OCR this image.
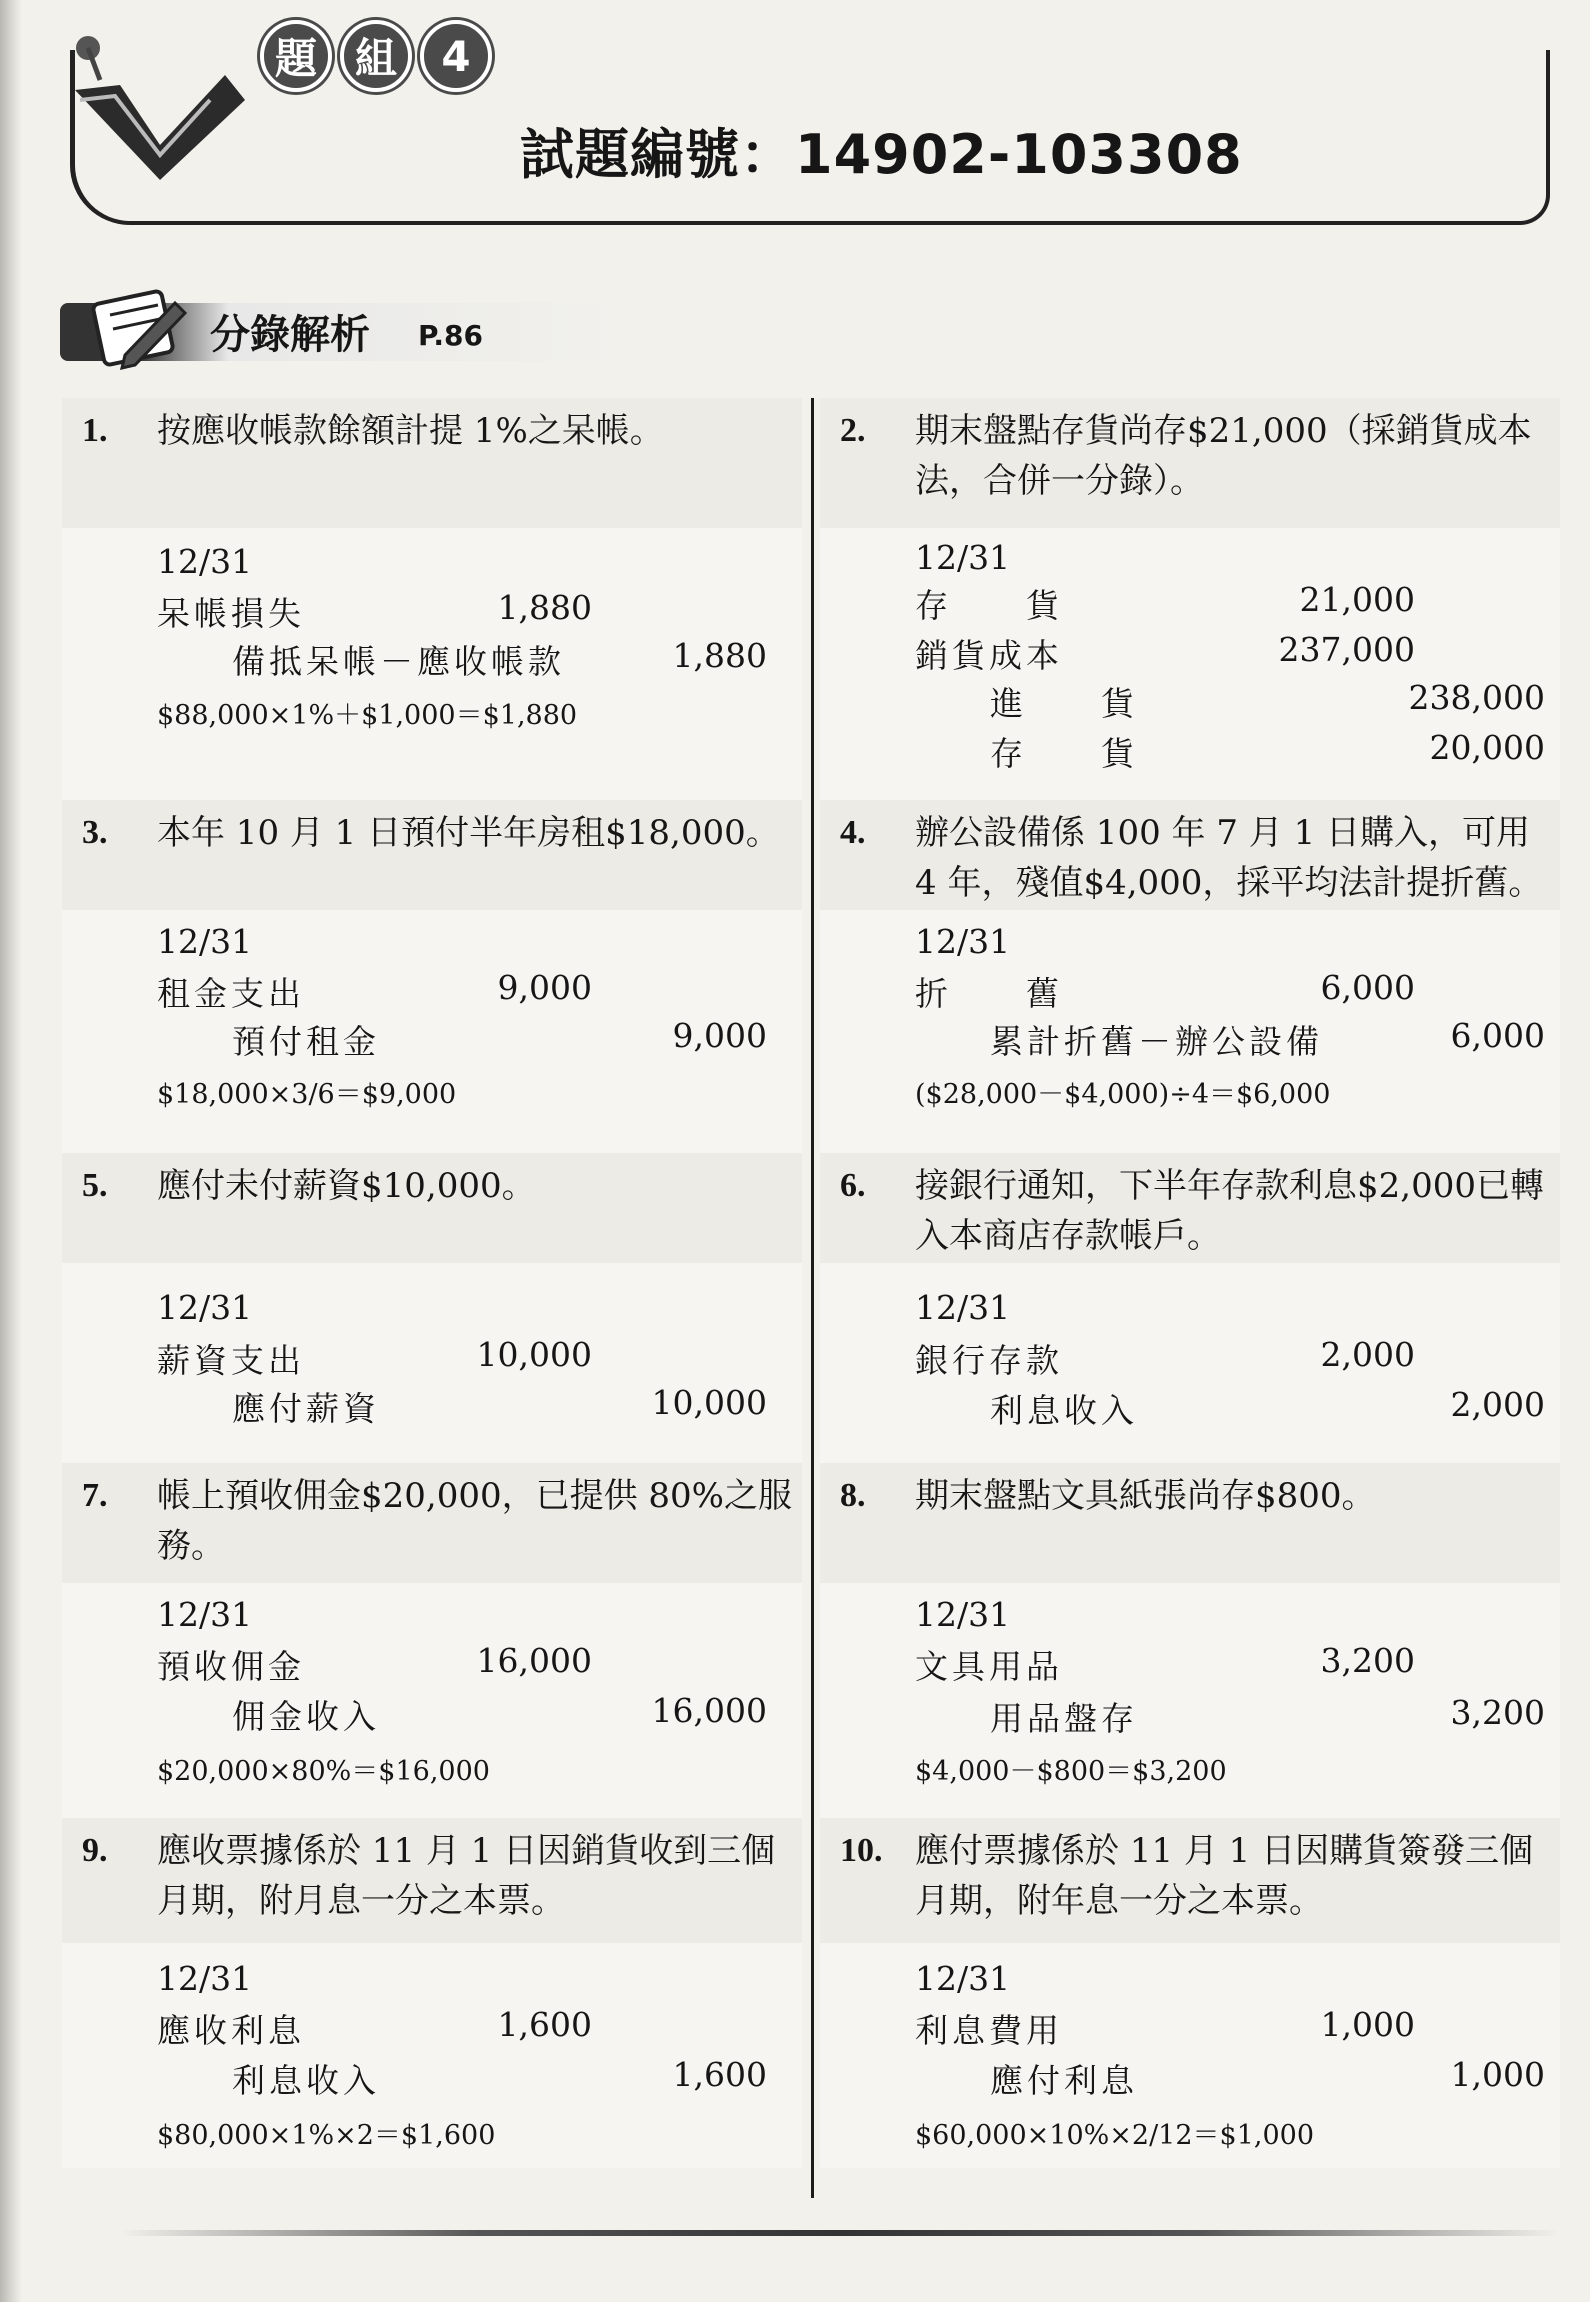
題 組	4
試題編號：14902-103308
分錄解析 P.86
1. 按應收帳款餘額計提 1%之呆帳。
12/31
呆帳損失	1,880
備抵呆帳－應收帳款	1,880
$88,000×1%＋$1,000＝$1,880
2. 期末盤點存貨尚存$21,000（採銷貨成本法，合併一分錄）。
12/31
存　　貨	21,000
銷貨成本	237,000
進　　貨	238,000
存　　貨	20,000
3. 本年 10 月 1 日預付半年房租$18,000。
12/31
租金支出	9,000
預付租金	9,000
$18,000×3/6＝$9,000
4. 辦公設備係 100 年 7 月 1 日購入，可用 4 年，殘值$4,000，採平均法計提折舊。
12/31
折　　舊	6,000
累計折舊－辦公設備	6,000
($28,000－$4,000)÷4＝$6,000
5. 應付未付薪資$10,000。
12/31
薪資支出	10,000
應付薪資	10,000
6. 接銀行通知，下半年存款利息$2,000已轉入本商店存款帳戶。
12/31
銀行存款	2,000
利息收入	2,000
7. 帳上預收佣金$20,000，已提供 80%之服務。
12/31
預收佣金	16,000
佣金收入	16,000
$20,000×80%＝$16,000
8. 期末盤點文具紙張尚存$800。
12/31
文具用品	3,200
用品盤存	3,200
$4,000－$800＝$3,200
9. 應收票據係於 11 月 1 日因銷貨收到三個月期，附月息一分之本票。
12/31
應收利息	1,600
利息收入	1,600
$80,000×1%×2＝$1,600
10. 應付票據係於 11 月 1 日因購貨簽發三個月期，附年息一分之本票。
12/31
利息費用	1,000
應付利息	1,000
$60,000×10%×2/12＝$1,000
